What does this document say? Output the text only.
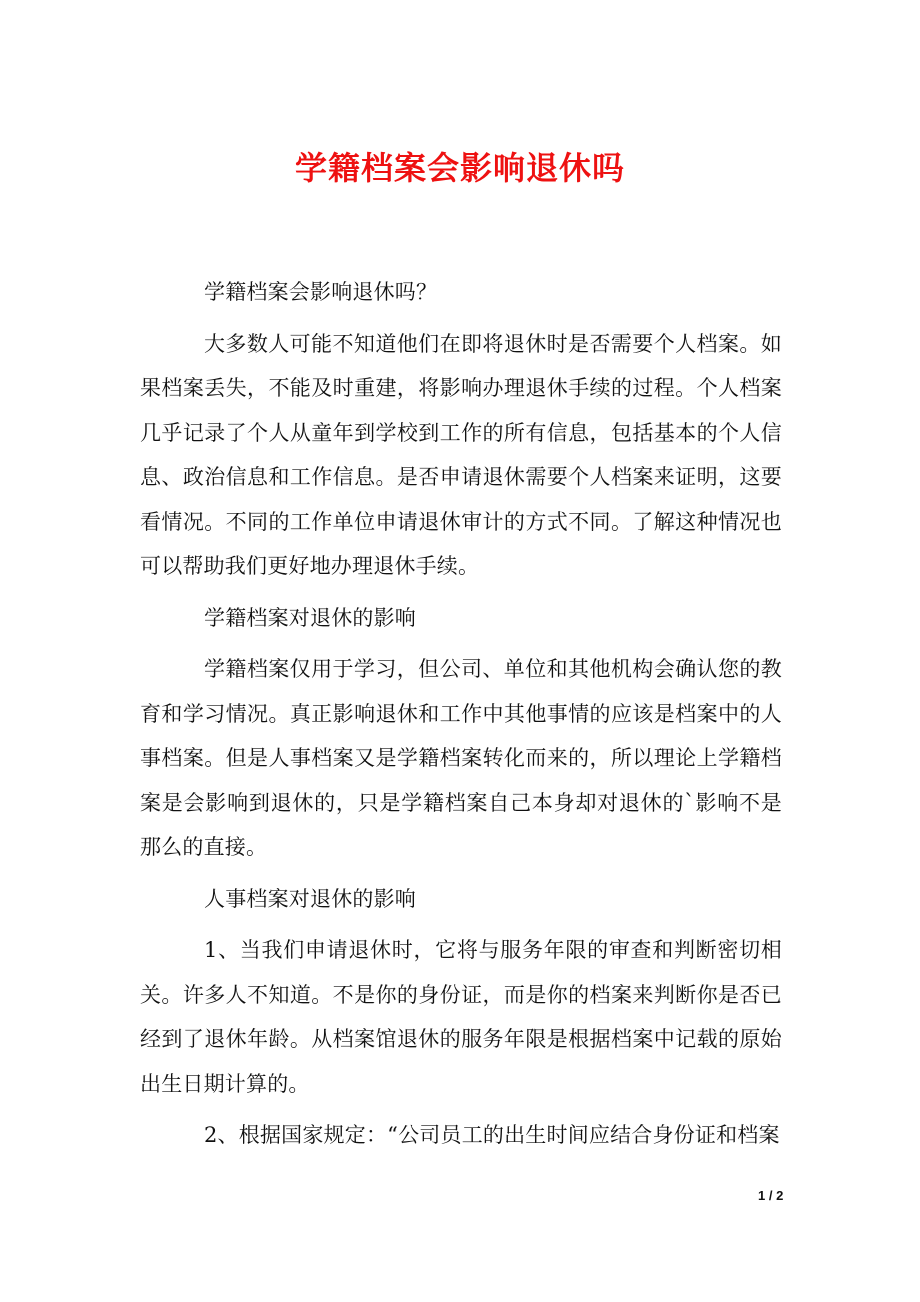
学籍档案会影响退休吗

学籍档案会影响退休吗？

大多数人可能不知道他们在即将退休时是否需要个人档案。如果档案丢失，不能及时重建，将影响办理退休手续的过程。个人档案几乎记录了个人从童年到学校到工作的所有信息，包括基本的个人信息、政治信息和工作信息。是否申请退休需要个人档案来证明，这要看情况。不同的工作单位申请退休审计的方式不同。了解这种情况也可以帮助我们更好地办理退休手续。

学籍档案对退休的影响

学籍档案仅用于学习，但公司、单位和其他机构会确认您的教育和学习情况。真正影响退休和工作中其他事情的应该是档案中的人事档案。但是人事档案又是学籍档案转化而来的，所以理论上学籍档案是会影响到退休的，只是学籍档案自己本身却对退休的`影响不是那么的直接。

人事档案对退休的影响

1、当我们申请退休时，它将与服务年限的审查和判断密切相关。许多人不知道。不是你的身份证，而是你的档案来判断你是否已经到了退休年龄。从档案馆退休的服务年限是根据档案中记载的原始出生日期计算的。

2、根据国家规定：“公司员工的出生时间应结合身份证和档案

1 / 2
